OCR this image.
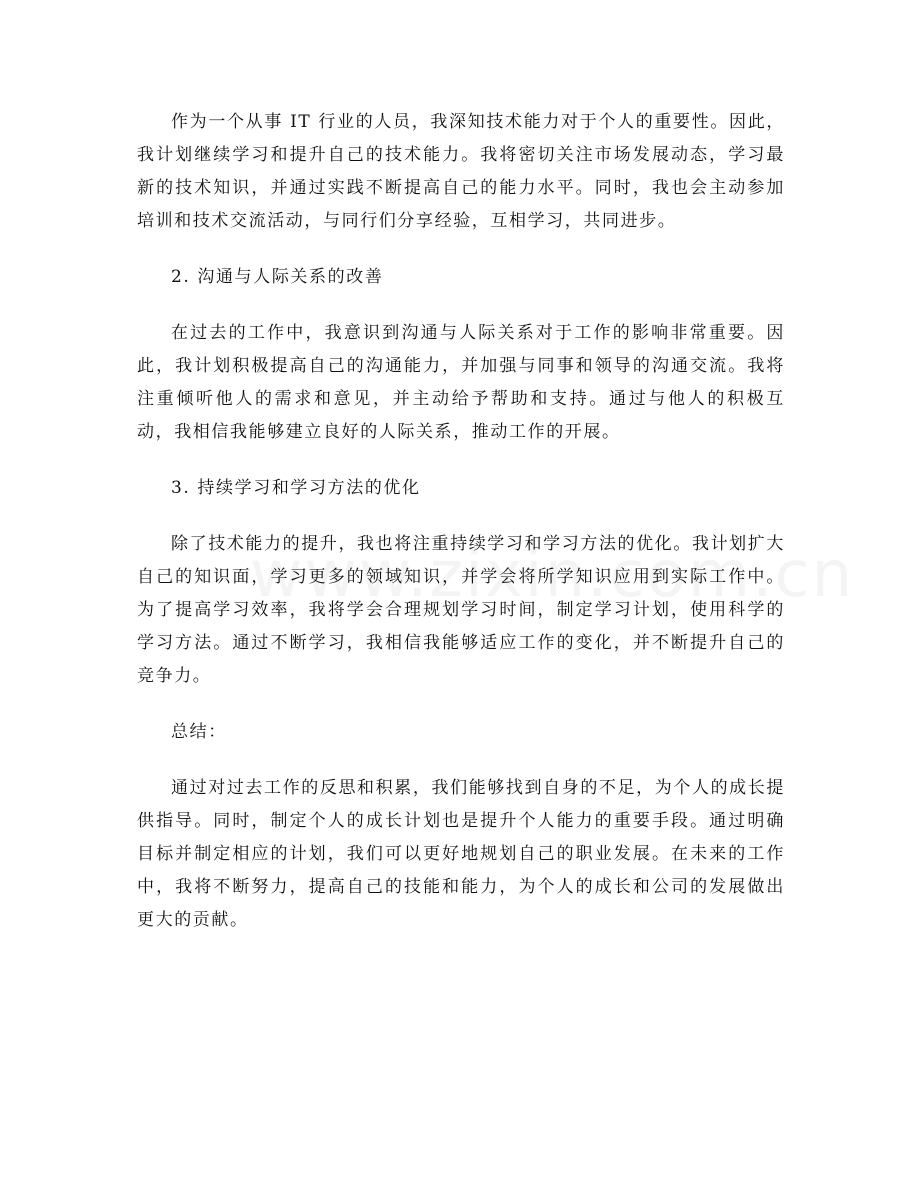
作为一个从事 IT 行业的人员，我深知技术能力对于个人的重要性。因此，我计划继续学习和提升自己的技术能力。我将密切关注市场发展动态，学习最新的技术知识，并通过实践不断提高自己的能力水平。同时，我也会主动参加培训和技术交流活动，与同行们分享经验，互相学习，共同进步。

2. 沟通与人际关系的改善

在过去的工作中，我意识到沟通与人际关系对于工作的影响非常重要。因此，我计划积极提高自己的沟通能力，并加强与同事和领导的沟通交流。我将注重倾听他人的需求和意见，并主动给予帮助和支持。通过与他人的积极互动，我相信我能够建立良好的人际关系，推动工作的开展。

3. 持续学习和学习方法的优化

除了技术能力的提升，我也将注重持续学习和学习方法的优化。我计划扩大自己的知识面，学习更多的领域知识，并学会将所学知识应用到实际工作中。为了提高学习效率，我将学会合理规划学习时间，制定学习计划，使用科学的学习方法。通过不断学习，我相信我能够适应工作的变化，并不断提升自己的竞争力。

总结：

通过对过去工作的反思和积累，我们能够找到自身的不足，为个人的成长提供指导。同时，制定个人的成长计划也是提升个人能力的重要手段。通过明确目标并制定相应的计划，我们可以更好地规划自己的职业发展。在未来的工作中，我将不断努力，提高自己的技能和能力，为个人的成长和公司的发展做出更大的贡献。
